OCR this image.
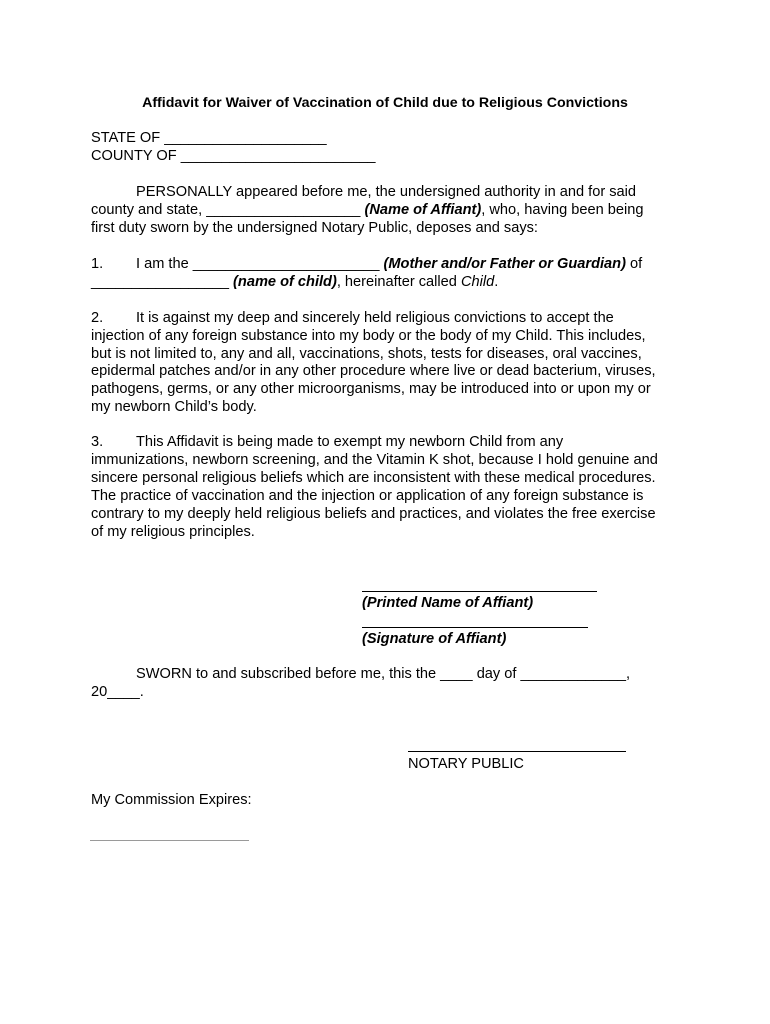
Affidavit for Waiver of Vaccination of Child due to Religious Convictions
STATE OF ____________________
COUNTY OF ________________________
PERSONALLY appeared before me, the undersigned authority in and for said
county and state, ___________________ (Name of Affiant), who, having been being
first duty sworn by the undersigned Notary Public, deposes and says:
1. I am the _______________________ (Mother and/or Father or Guardian) of
_________________ (name of child), hereinafter called Child.
2. It is against my deep and sincerely held religious convictions to accept the
injection of any foreign substance into my body or the body of my Child. This includes,
but is not limited to, any and all, vaccinations, shots, tests for diseases, oral vaccines,
epidermal patches and/or in any other procedure where live or dead bacterium, viruses,
pathogens, germs, or any other microorganisms, may be introduced into or upon my or
my newborn Child’s body.
3. This Affidavit is being made to exempt my newborn Child from any
immunizations, newborn screening, and the Vitamin K shot, because I hold genuine and
sincere personal religious beliefs which are inconsistent with these medical procedures.
The practice of vaccination and the injection or application of any foreign substance is
contrary to my deeply held religious beliefs and practices, and violates the free exercise
of my religious principles.
(Printed Name of Affiant)
(Signature of Affiant)
SWORN to and subscribed before me, this the ____ day of _____________,
20____.
NOTARY PUBLIC
My Commission Expires:
